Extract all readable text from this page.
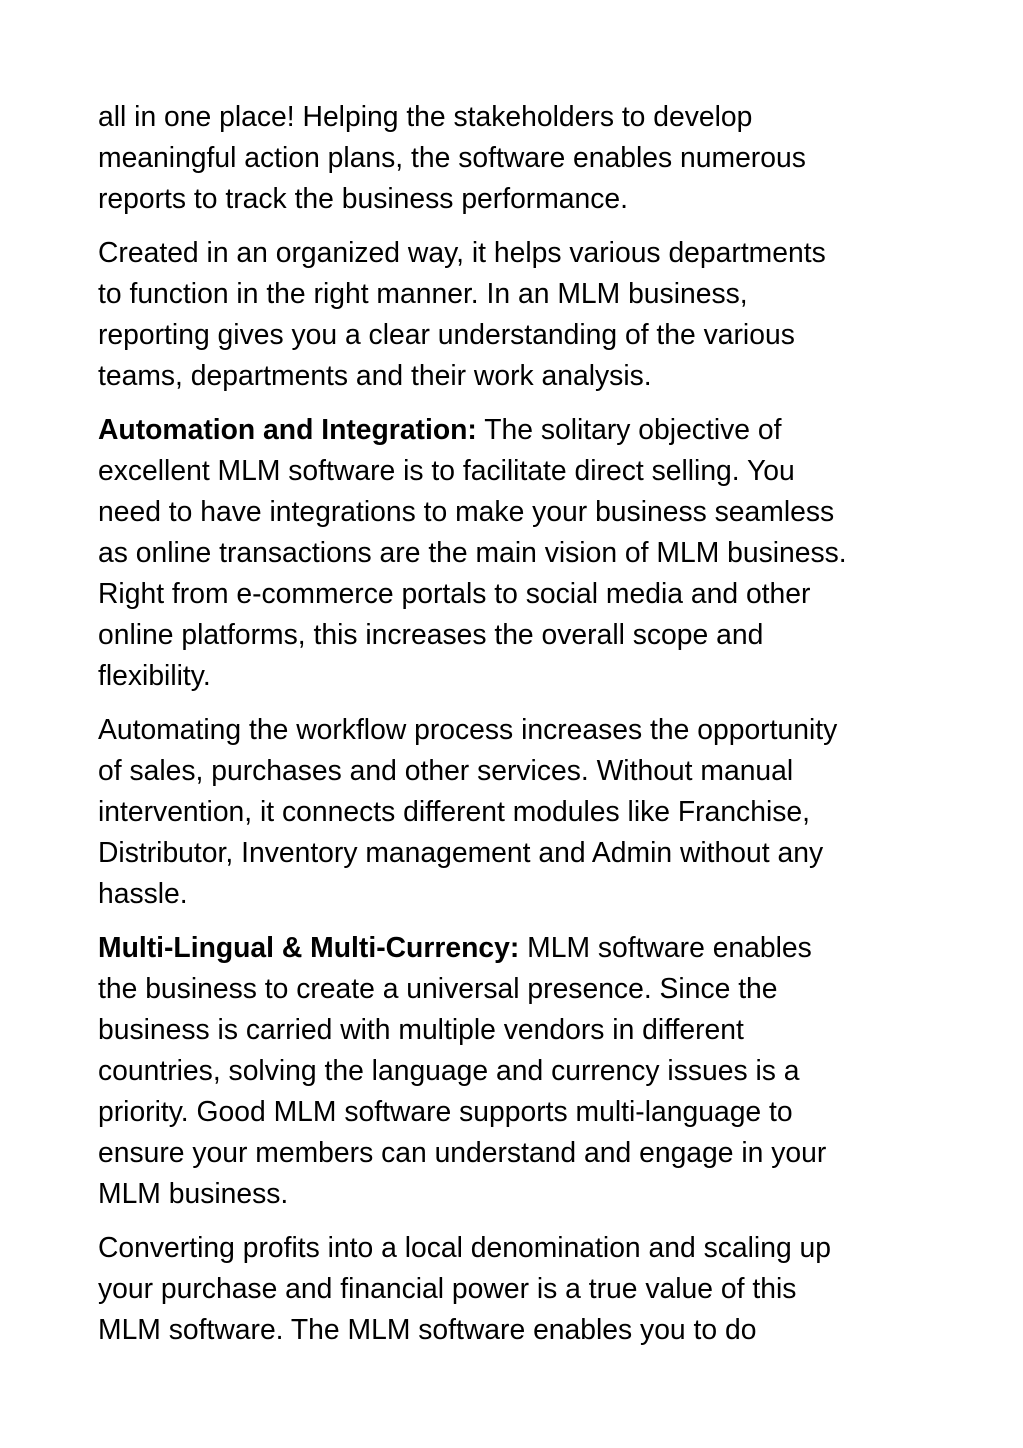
all in one place! Helping the stakeholders to develop
meaningful action plans, the software enables numerous
reports to track the business performance.

Created in an organized way, it helps various departments
to function in the right manner. In an MLM business,
reporting gives you a clear understanding of the various
teams, departments and their work analysis.

Automation and Integration: The solitary objective of
excellent MLM software is to facilitate direct selling. You
need to have integrations to make your business seamless
as online transactions are the main vision of MLM business.
Right from e-commerce portals to social media and other
online platforms, this increases the overall scope and
flexibility.

Automating the workflow process increases the opportunity
of sales, purchases and other services. Without manual
intervention, it connects different modules like Franchise,
Distributor, Inventory management and Admin without any
hassle.

Multi-Lingual & Multi-Currency: MLM software enables
the business to create a universal presence. Since the
business is carried with multiple vendors in different
countries, solving the language and currency issues is a
priority. Good MLM software supports multi-language to
ensure your members can understand and engage in your
MLM business.

Converting profits into a local denomination and scaling up
your purchase and financial power is a true value of this
MLM software. The MLM software enables you to do
